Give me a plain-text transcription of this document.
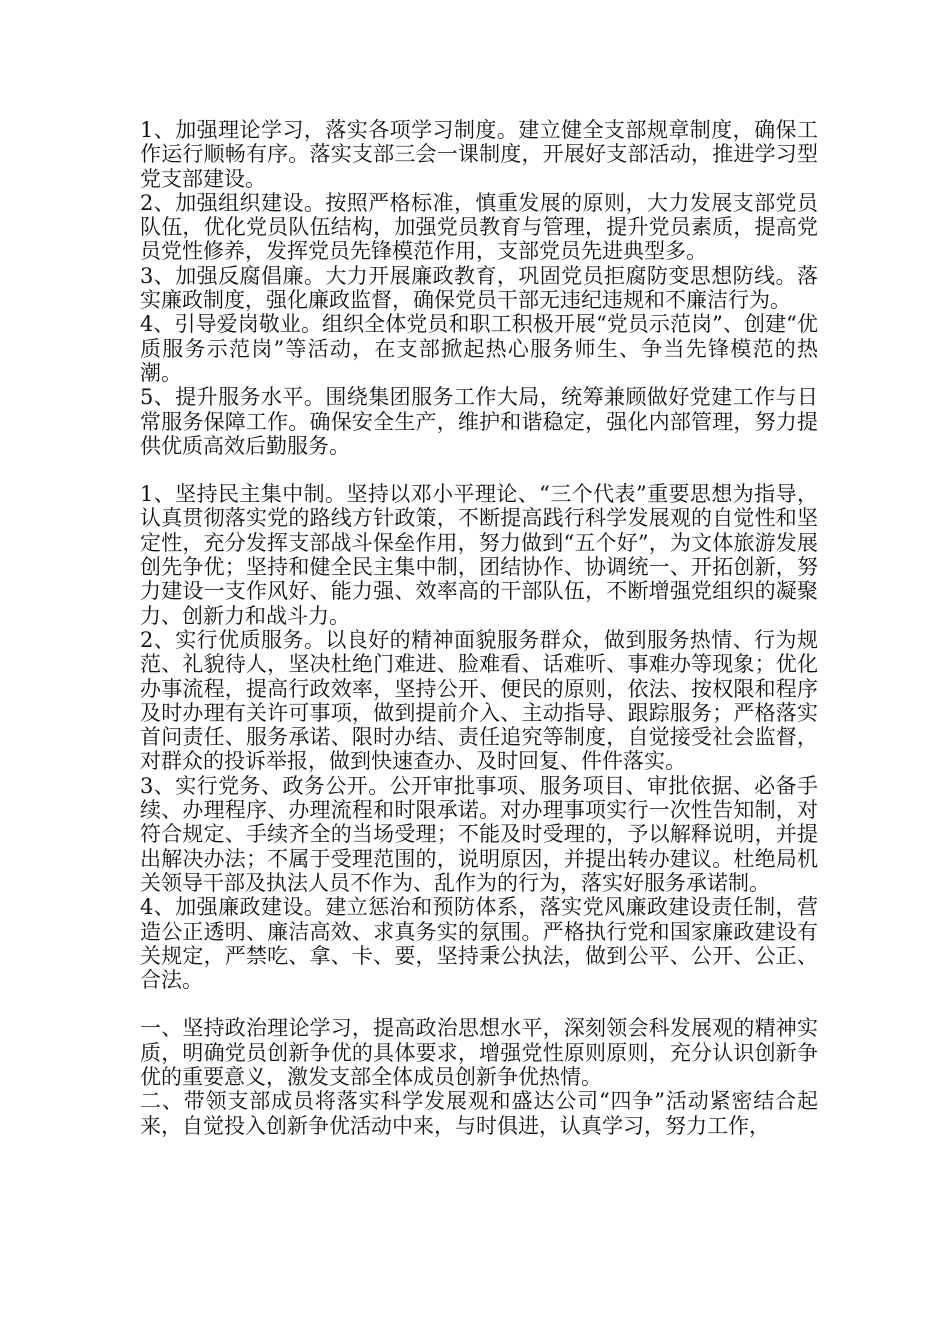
1、加强理论学习，落实各项学习制度。建立健全支部规章制度，确保工作运行顺畅有序。落实支部三会一课制度，开展好支部活动，推进学习型党支部建设。

2、加强组织建设。按照严格标准，慎重发展的原则，大力发展支部党员队伍，优化党员队伍结构，加强党员教育与管理，提升党员素质，提高党员党性修养，发挥党员先锋模范作用，支部党员先进典型多。

3、加强反腐倡廉。大力开展廉政教育，巩固党员拒腐防变思想防线。落实廉政制度，强化廉政监督，确保党员干部无违纪违规和不廉洁行为。

4、引导爱岗敬业。组织全体党员和职工积极开展“党员示范岗”、创建“优质服务示范岗”等活动，在支部掀起热心服务师生、争当先锋模范的热潮。

5、提升服务水平。围绕集团服务工作大局，统筹兼顾做好党建工作与日常服务保障工作。确保安全生产，维护和谐稳定，强化内部管理，努力提供优质高效后勤服务。

1、坚持民主集中制。坚持以邓小平理论、“三个代表”重要思想为指导，认真贯彻落实党的路线方针政策，不断提高践行科学发展观的自觉性和坚定性，充分发挥支部战斗保垒作用，努力做到“五个好”，为文体旅游发展创先争优；坚持和健全民主集中制，团结协作、协调统一、开拓创新，努力建设一支作风好、能力强、效率高的干部队伍，不断增强党组织的凝聚力、创新力和战斗力。

2、实行优质服务。以良好的精神面貌服务群众，做到服务热情、行为规范、礼貌待人，坚决杜绝门难进、脸难看、话难听、事难办等现象；优化办事流程，提高行政效率，坚持公开、便民的原则，依法、按权限和程序及时办理有关许可事项，做到提前介入、主动指导、跟踪服务；严格落实首问责任、服务承诺、限时办结、责任追究等制度，自觉接受社会监督，对群众的投诉举报，做到快速查办、及时回复、件件落实。

3、实行党务、政务公开。公开审批事项、服务项目、审批依据、必备手续、办理程序、办理流程和时限承诺。对办理事项实行一次性告知制，对符合规定、手续齐全的当场受理；不能及时受理的，予以解释说明，并提出解决办法；不属于受理范围的，说明原因，并提出转办建议。杜绝局机关领导干部及执法人员不作为、乱作为的行为，落实好服务承诺制。

4、加强廉政建设。建立惩治和预防体系，落实党风廉政建设责任制，营造公正透明、廉洁高效、求真务实的氛围。严格执行党和国家廉政建设有关规定，严禁吃、拿、卡、要，坚持秉公执法，做到公平、公开、公正、合法。

一、坚持政治理论学习，提高政治思想水平，深刻领会科发展观的精神实质，明确党员创新争优的具体要求，增强党性原则原则，充分认识创新争优的重要意义，激发支部全体成员创新争优热情。

二、带领支部成员将落实科学发展观和盛达公司“四争”活动紧密结合起来，自觉投入创新争优活动中来，与时俱进，认真学习，努力工作，
